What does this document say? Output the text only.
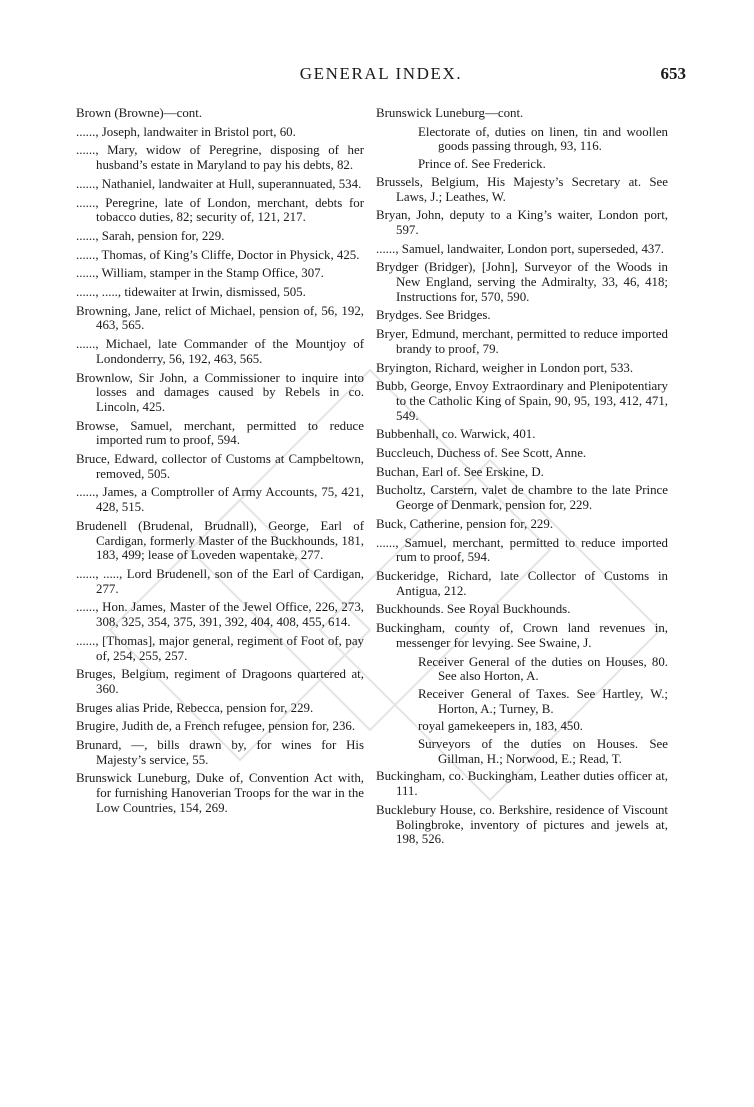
GENERAL INDEX.	653

Brown (Browne)—cont.

......, Joseph, landwaiter in Bristol port, 60.

......, Mary, widow of Peregrine, disposing of her husband’s estate in Maryland to pay his debts, 82.

......, Nathaniel, landwaiter at Hull, superannuated, 534.

......, Peregrine, late of London, merchant, debts for tobacco duties, 82; security of, 121, 217.

......, Sarah, pension for, 229.

......, Thomas, of King’s Cliffe, Doctor in Physick, 425.

......, William, stamper in the Stamp Office, 307.

......, ....., tidewaiter at Irwin, dismissed, 505.

Browning, Jane, relict of Michael, pension of, 56, 192, 463, 565.

......, Michael, late Commander of the Mountjoy of Londonderry, 56, 192, 463, 565.

Brownlow, Sir John, a Commissioner to inquire into losses and damages caused by Rebels in co. Lincoln, 425.

Browse, Samuel, merchant, permitted to reduce imported rum to proof, 594.

Bruce, Edward, collector of Customs at Campbeltown, removed, 505.

......, James, a Comptroller of Army Accounts, 75, 421, 428, 515.

Brudenell (Brudenal, Brudnall), George, Earl of Cardigan, formerly Master of the Buckhounds, 181, 183, 499; lease of Loveden wapentake, 277.

......, ....., Lord Brudenell, son of the Earl of Cardigan, 277.

......, Hon. James, Master of the Jewel Office, 226, 273, 308, 325, 354, 375, 391, 392, 404, 408, 455, 614.

......, [Thomas], major general, regiment of Foot of, pay of, 254, 255, 257.

Bruges, Belgium, regiment of Dragoons quartered at, 360.

Bruges alias Pride, Rebecca, pension for, 229.

Brugire, Judith de, a French refugee, pension for, 236.

Brunard, —, bills drawn by, for wines for His Majesty’s service, 55.

Brunswick Luneburg, Duke of, Convention Act with, for furnishing Hanoverian Troops for the war in the Low Countries, 154, 269.

Brunswick Luneburg—cont.

Electorate of, duties on linen, tin and woollen goods passing through, 93, 116.

Prince of. See Frederick.

Brussels, Belgium, His Majesty’s Secretary at. See Laws, J.; Leathes, W.

Bryan, John, deputy to a King’s waiter, London port, 597.

......, Samuel, landwaiter, London port, superseded, 437.

Brydger (Bridger), [John], Surveyor of the Woods in New England, serving the Admiralty, 33, 46, 418; Instructions for, 570, 590.

Brydges. See Bridges.

Bryer, Edmund, merchant, permitted to reduce imported brandy to proof, 79.

Bryington, Richard, weigher in London port, 533.

Bubb, George, Envoy Extraordinary and Plenipotentiary to the Catholic King of Spain, 90, 95, 193, 412, 471, 549.

Bubbenhall, co. Warwick, 401.

Buccleuch, Duchess of. See Scott, Anne.

Buchan, Earl of. See Erskine, D.

Bucholtz, Carstern, valet de chambre to the late Prince George of Denmark, pension for, 229.

Buck, Catherine, pension for, 229.

......, Samuel, merchant, permitted to reduce imported rum to proof, 594.

Buckeridge, Richard, late Collector of Customs in Antigua, 212.

Buckhounds. See Royal Buckhounds.

Buckingham, county of, Crown land revenues in, messenger for levying. See Swaine, J.

Receiver General of the duties on Houses, 80. See also Horton, A.

Receiver General of Taxes. See Hartley, W.; Horton, A.; Turney, B.

royal gamekeepers in, 183, 450.

Surveyors of the duties on Houses. See Gillman, H.; Norwood, E.; Read, T.

Buckingham, co. Buckingham, Leather duties officer at, 111.

Bucklebury House, co. Berkshire, residence of Viscount Bolingbroke, inventory of pictures and jewels at, 198, 526.
